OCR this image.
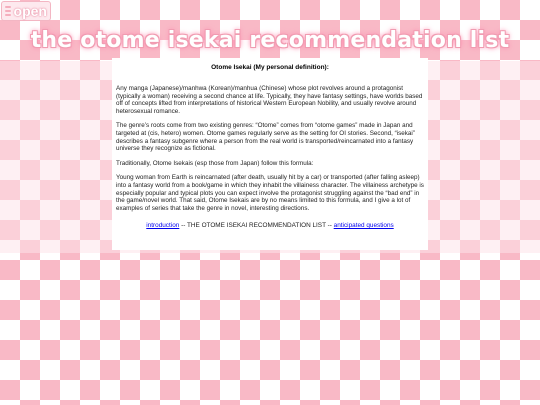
open
the otome isekai recommendation list
Otome Isekai (My personal definition):

Any manga (Japanese)/manhwa (Korean)/manhua (Chinese) whose plot revolves around a protagonist (typically a woman) receiving a second chance at life. Typically, they have fantasy settings, have worlds based off of concepts lifted from interpretations of historical Western European Nobility, and usually revolve around heterosexual romance.

The genre’s roots come from two existing genres: “Otome” comes from “otome games” made in Japan and targeted at (cis, hetero) women. Otome games regularly serve as the setting for OI stories. Second, “isekai” describes a fantasy subgenre where a person from the real world is transported/reincarnated into a fantasy universe they recognize as fictional.

Traditionally, Otome Isekais (esp those from Japan) follow this formula:

Young woman from Earth is reincarnated (after death, usually hit by a car) or transported (after falling asleep) into a fantasy world from a book/game in which they inhabit the villainess character. The villainess archetype is especially popular and typical plots you can expect involve the protagonist struggling against the “bad end” in the game/novel world. That said, Otome Isekais are by no means limited to this formula, and I give a lot of examples of series that take the genre in novel, interesting directions.

introduction -- THE OTOME ISEKAI RECOMMENDATION LIST -- anticipated questions
